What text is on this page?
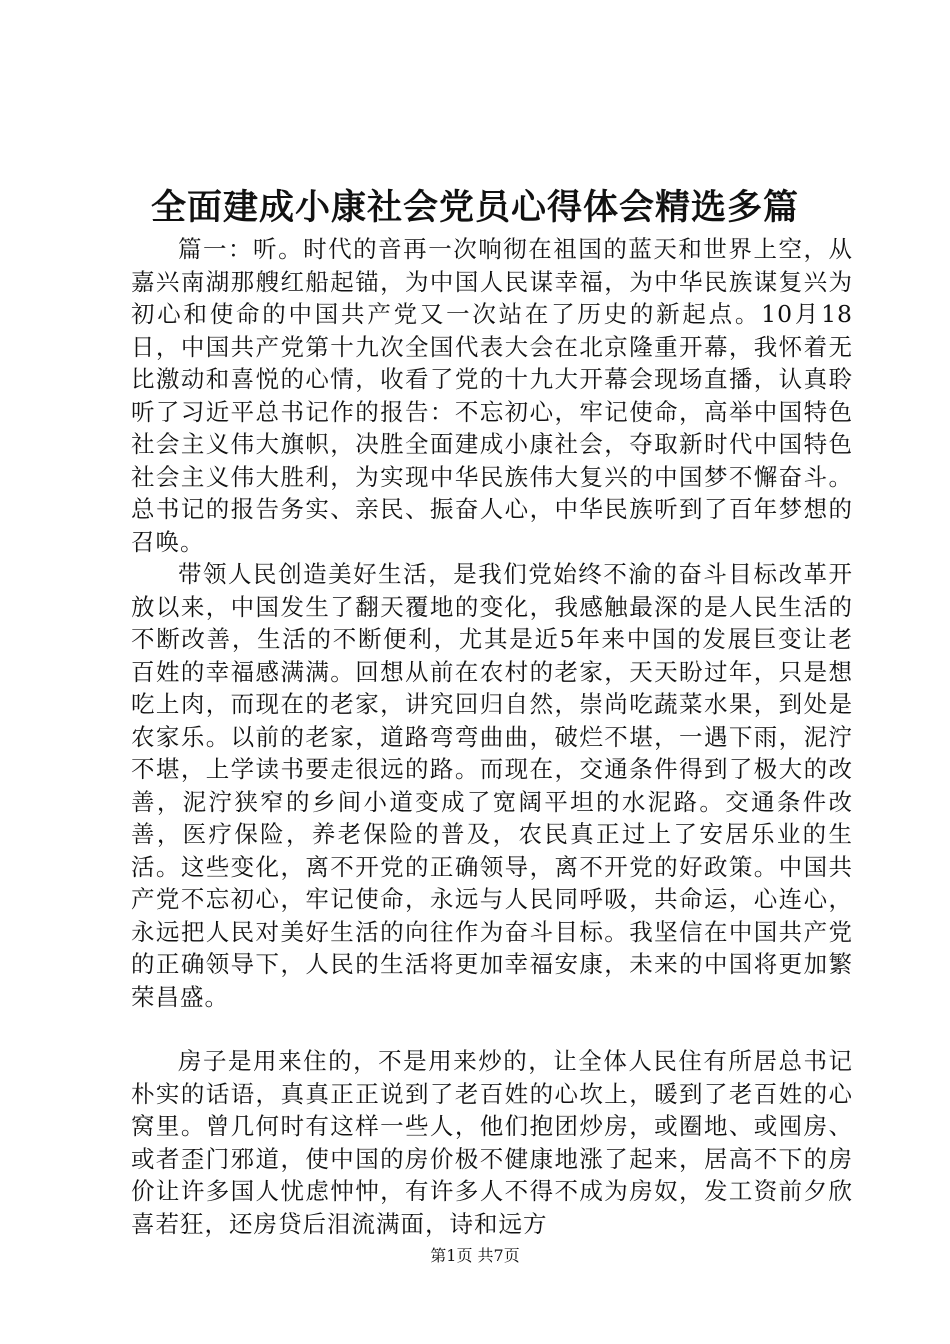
全面建成小康社会党员心得体会精选多篇

篇一：听。时代的音再一次响彻在祖国的蓝天和世界上空，从嘉兴南湖那艘红船起锚，为中国人民谋幸福，为中华民族谋复兴为初心和使命的中国共产党又一次站在了历史的新起点。10月18日，中国共产党第十九次全国代表大会在北京隆重开幕，我怀着无比激动和喜悦的心情，收看了党的十九大开幕会现场直播，认真聆听了习近平总书记作的报告：不忘初心，牢记使命，高举中国特色社会主义伟大旗帜，决胜全面建成小康社会，夺取新时代中国特色社会主义伟大胜利，为实现中华民族伟大复兴的中国梦不懈奋斗。总书记的报告务实、亲民、振奋人心，中华民族听到了百年梦想的召唤。

带领人民创造美好生活，是我们党始终不渝的奋斗目标改革开放以来，中国发生了翻天覆地的变化，我感触最深的是人民生活的不断改善，生活的不断便利，尤其是近5年来中国的发展巨变让老百姓的幸福感满满。回想从前在农村的老家，天天盼过年，只是想吃上肉，而现在的老家，讲究回归自然，崇尚吃蔬菜水果，到处是农家乐。以前的老家，道路弯弯曲曲，破烂不堪，一遇下雨，泥泞不堪，上学读书要走很远的路。而现在，交通条件得到了极大的改善，泥泞狭窄的乡间小道变成了宽阔平坦的水泥路。交通条件改善，医疗保险，养老保险的普及，农民真正过上了安居乐业的生活。这些变化，离不开党的正确领导，离不开党的好政策。中国共产党不忘初心，牢记使命，永远与人民同呼吸，共命运，心连心，永远把人民对美好生活的向往作为奋斗目标。我坚信在中国共产党的正确领导下，人民的生活将更加幸福安康，未来的中国将更加繁荣昌盛。

房子是用来住的，不是用来炒的，让全体人民住有所居总书记朴实的话语，真真正正说到了老百姓的心坎上，暖到了老百姓的心窝里。曾几何时有这样一些人，他们抱团炒房，或圈地、或囤房、或者歪门邪道，使中国的房价极不健康地涨了起来，居高不下的房价让许多国人忧虑忡忡，有许多人不得不成为房奴，发工资前夕欣喜若狂，还房贷后泪流满面，诗和远方

第1页 共7页
